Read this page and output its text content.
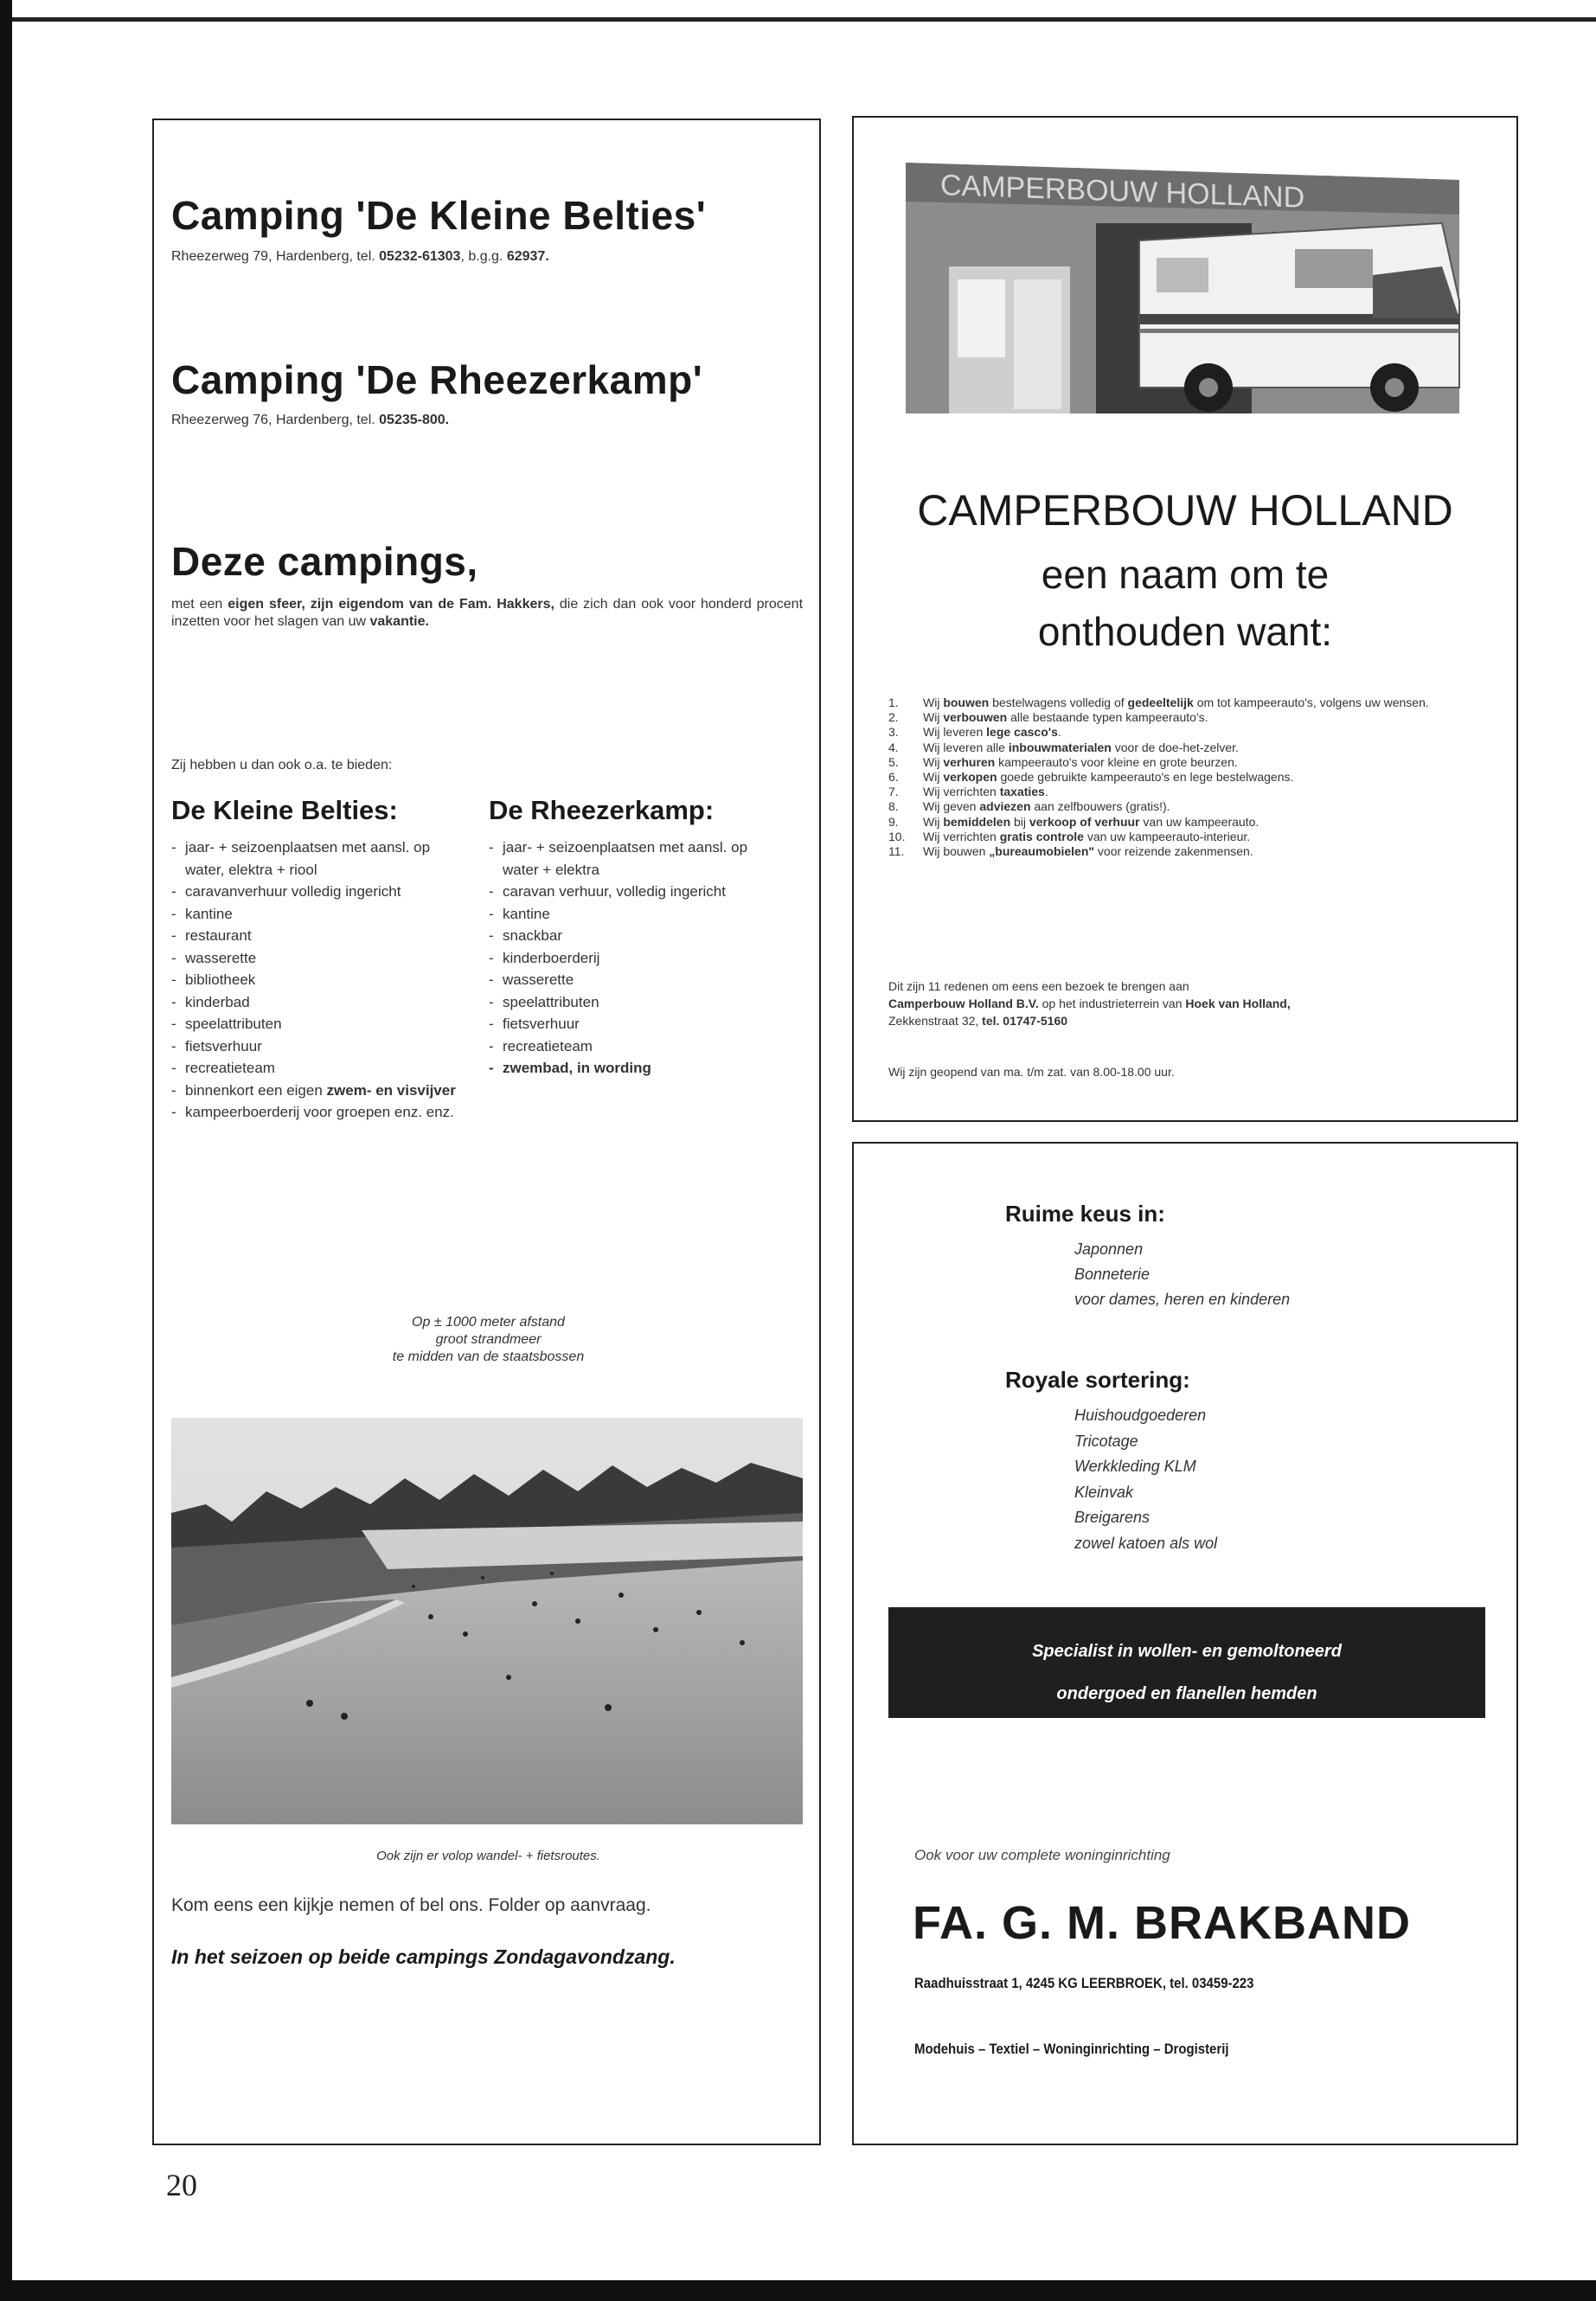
Camping 'De Kleine Belties'
Rheezerweg 79, Hardenberg, tel. 05232-61303, b.g.g. 62937.
Camping 'De Rheezerkamp'
Rheezerweg 76, Hardenberg, tel. 05235-800.
Deze campings,
met een eigen sfeer, zijn eigendom van de Fam. Hakkers, die zich dan ook voor honderd procent inzetten voor het slagen van uw vakantie.
Zij hebben u dan ook o.a. te bieden:
De Kleine Belties:
- jaar- + seizoenplaatsen met aansl. op water, elektra + riool
- caravanverhuur volledig ingericht
- kantine
- restaurant
- wasserette
- bibliotheek
- kinderbad
- speelattributen
- fietsverhuur
- recreatieteam
- binnenkort een eigen zwem- en visvijver
- kampeerboerderij voor groepen enz. enz.
De Rheezerkamp:
- jaar- + seizoenplaatsen met aansl. op water + elektra
- caravan verhuur, volledig ingericht
- kantine
- snackbar
- kinderboerderij
- wasserette
- speelattributen
- fietsverhuur
- recreatieteam
- zwembad, in wording
Op ± 1000 meter afstand
groot strandmeer
te midden van de staatsbossen
Ook zijn er volop wandel- + fietsroutes.
Kom eens een kijkje nemen of bel ons. Folder op aanvraag.
In het seizoen op beide campings Zondagavondzang.
CAMPERBOUW HOLLAND
CAMPERBOUW HOLLAND
een naam om te
onthouden want:
1.	Wij bouwen bestelwagens volledig of gedeeltelijk om tot kampeerauto's, volgens uw wensen.
2.	Wij verbouwen alle bestaande typen kampeerauto's.
3.	Wij leveren lege casco's.
4.	Wij leveren alle inbouwmaterialen voor de doe-het-zelver.
5.	Wij verhuren kampeerauto's voor kleine en grote beurzen.
6.	Wij verkopen goede gebruikte kampeerauto's en lege bestelwagens.
7.	Wij verrichten taxaties.
8.	Wij geven adviezen aan zelfbouwers (gratis!).
9.	Wij bemiddelen bij verkoop of verhuur van uw kampeerauto.
10.	Wij verrichten gratis controle van uw kampeerauto-interieur.
11.	Wij bouwen „bureaumobielen" voor reizende zakenmensen.
Dit zijn 11 redenen om eens een bezoek te brengen aan
Camperbouw Holland B.V. op het industrieterrein van Hoek van Holland,
Zekkenstraat 32, tel. 01747-5160
Wij zijn geopend van ma. t/m zat. van 8.00-18.00 uur.
Ruime keus in:
Japonnen
Bonneterie
voor dames, heren en kinderen
Royale sortering:
Huishoudgoederen
Tricotage
Werkkleding KLM
Kleinvak
Breigarens
zowel katoen als wol
Specialist in wollen- en gemoltoneerd
ondergoed en flanellen hemden
Ook voor uw complete woninginrichting
FA. G. M. BRAKBAND
Raadhuisstraat 1, 4245 KG LEERBROEK, tel. 03459-223
Modehuis – Textiel – Woninginrichting – Drogisterij
20
